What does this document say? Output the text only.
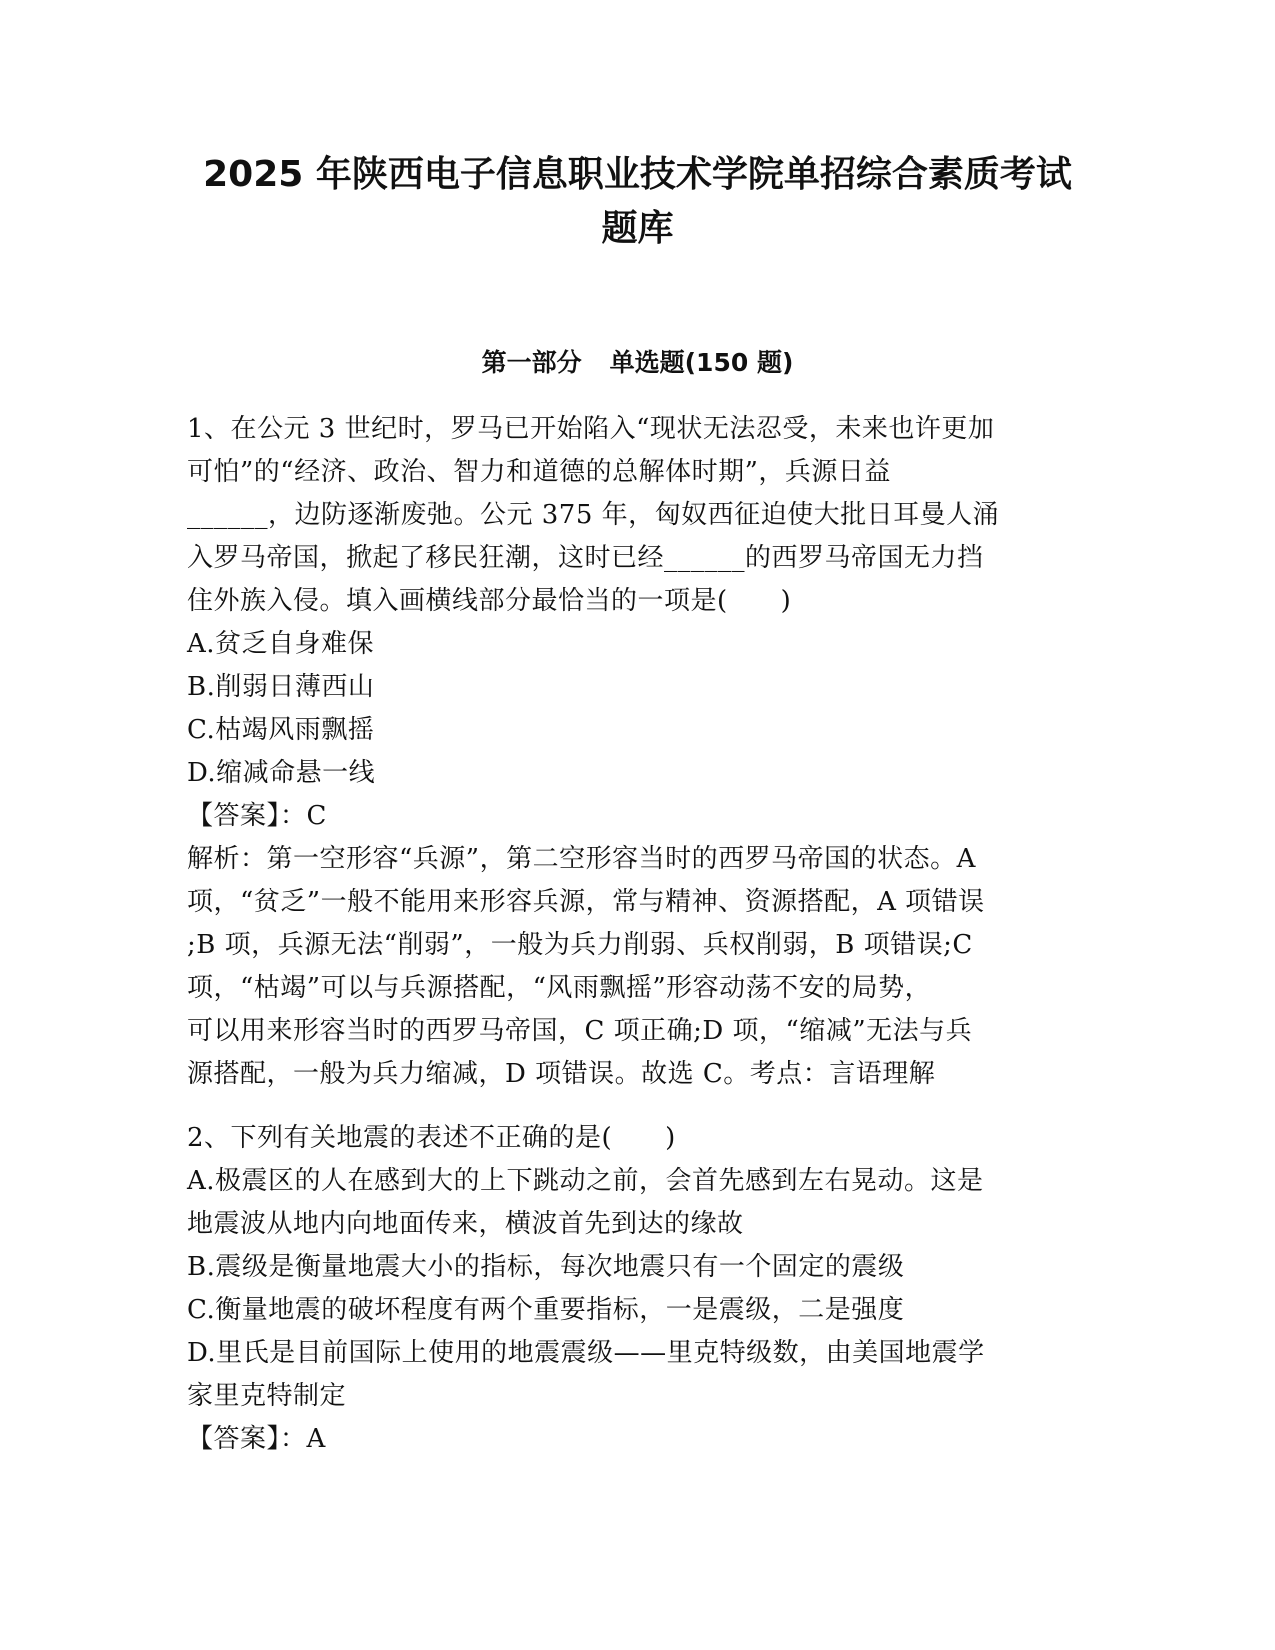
2025 年陕西电子信息职业技术学院单招综合素质考试
题库
第一部分 单选题(150 题)
1、在公元 3 世纪时，罗马已开始陷入“现状无法忍受，未来也许更加
可怕”的“经济、政治、智力和道德的总解体时期”，兵源日益
______，边防逐渐废弛。公元 375 年，匈奴西征迫使大批日耳曼人涌
入罗马帝国，掀起了移民狂潮，这时已经______的西罗马帝国无力挡
住外族入侵。填入画横线部分最恰当的一项是(　　)
A.贫乏自身难保
B.削弱日薄西山
C.枯竭风雨飘摇
D.缩减命悬一线
【答案】：C
解析：第一空形容“兵源”，第二空形容当时的西罗马帝国的状态。A
项，“贫乏”一般不能用来形容兵源，常与精神、资源搭配，A 项错误
;B 项，兵源无法“削弱”，一般为兵力削弱、兵权削弱，B 项错误;C
项，“枯竭”可以与兵源搭配，“风雨飘摇”形容动荡不安的局势，
可以用来形容当时的西罗马帝国，C 项正确;D 项，“缩减”无法与兵
源搭配，一般为兵力缩减，D 项错误。故选 C。考点：言语理解
2、下列有关地震的表述不正确的是(　　)
A.极震区的人在感到大的上下跳动之前，会首先感到左右晃动。这是
地震波从地内向地面传来，横波首先到达的缘故
B.震级是衡量地震大小的指标，每次地震只有一个固定的震级
C.衡量地震的破坏程度有两个重要指标，一是震级，二是强度
D.里氏是目前国际上使用的地震震级——里克特级数，由美国地震学
家里克特制定
【答案】：A
